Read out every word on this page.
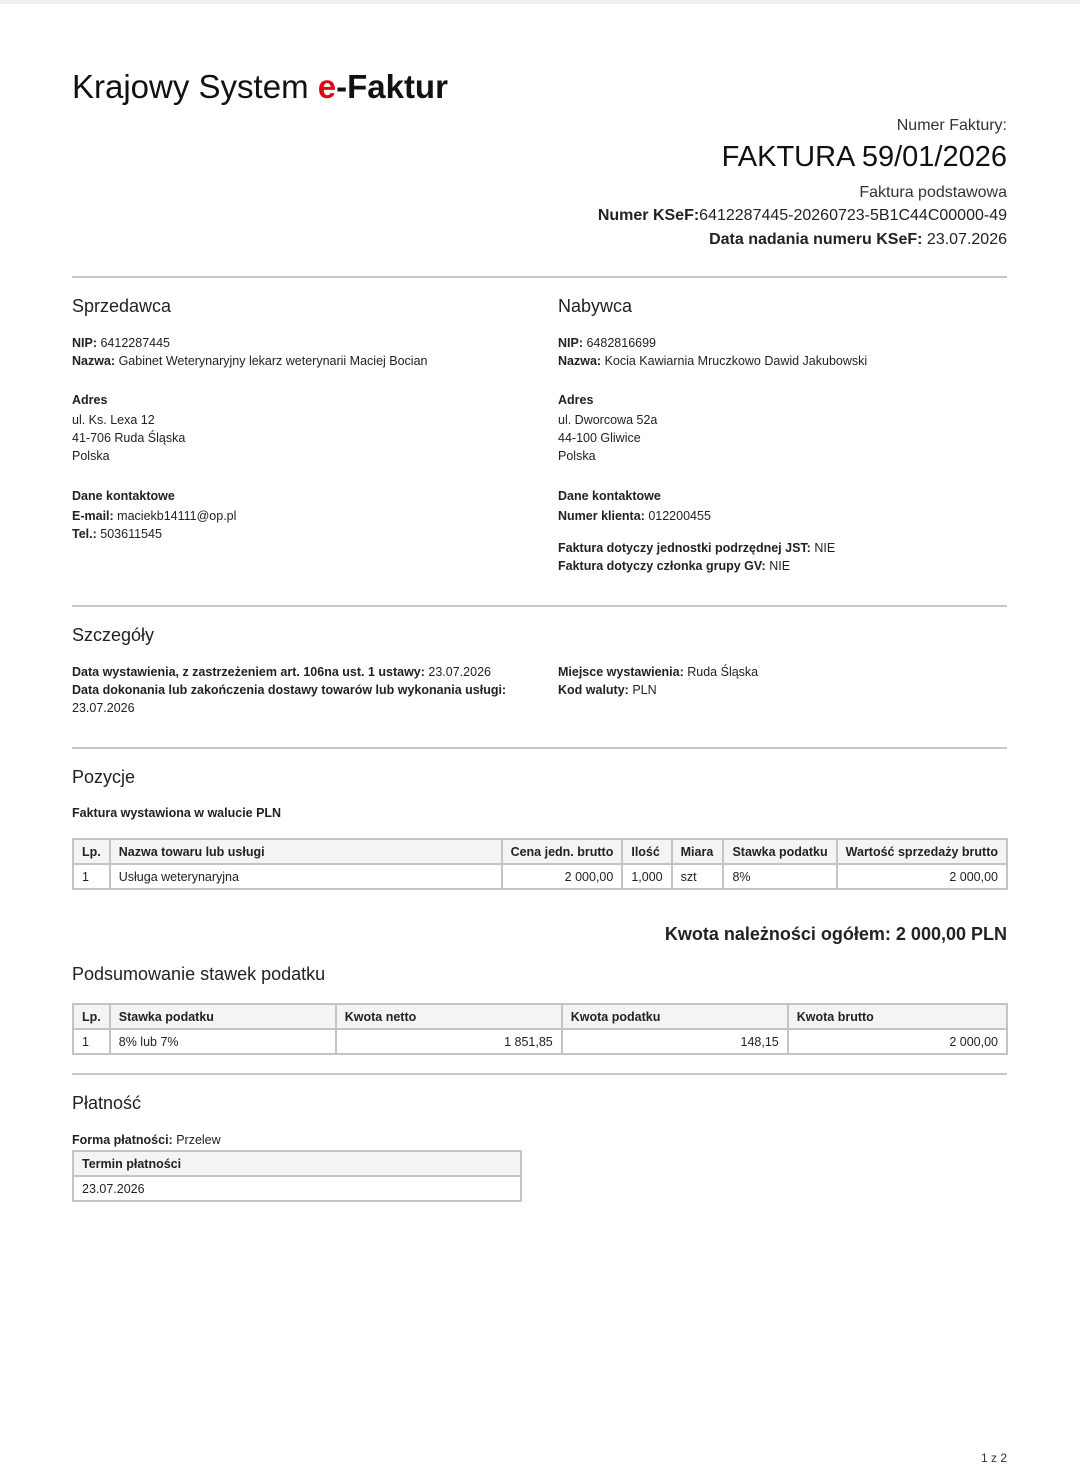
Krajowy System e-Faktur
Numer Faktury:
FAKTURA 59/01/2026
Faktura podstawowa
Numer KSeF:6412287445-20260723-5B1C44C00000-49
Data nadania numeru KSeF: 23.07.2026
Sprzedawca
NIP: 6412287445
Nazwa: Gabinet Weterynaryjny lekarz weterynarii Maciej Bocian
Adres
ul. Ks. Lexa 12
41-706 Ruda Śląska
Polska
Dane kontaktowe
E-mail: maciekb14111@op.pl
Tel.: 503611545
Nabywca
NIP: 6482816699
Nazwa: Kocia Kawiarnia Mruczkowo Dawid Jakubowski
Adres
ul. Dworcowa 52a
44-100 Gliwice
Polska
Dane kontaktowe
Numer klienta: 012200455
Faktura dotyczy jednostki podrzędnej JST: NIE
Faktura dotyczy członka grupy GV: NIE
Szczegóły
Data wystawienia, z zastrzeżeniem art. 106na ust. 1 ustawy: 23.07.2026
Data dokonania lub zakończenia dostawy towarów lub wykonania usługi:
23.07.2026
Miejsce wystawienia: Ruda Śląska
Kod waluty: PLN
Pozycje
Faktura wystawiona w walucie PLN
Lp.	Nazwa towaru lub usługi	Cena jedn. brutto	Ilość	Miara	Stawka podatku	Wartość sprzedaży brutto
1	Usługa weterynaryjna	2 000,00	1,000	szt	8%	2 000,00
Kwota należności ogółem: 2 000,00 PLN
Podsumowanie stawek podatku
Lp.	Stawka podatku	Kwota netto	Kwota podatku	Kwota brutto
1	8% lub 7%	1 851,85	148,15	2 000,00
Płatność
Forma płatności: Przelew
Termin płatności
23.07.2026
1 z 2
